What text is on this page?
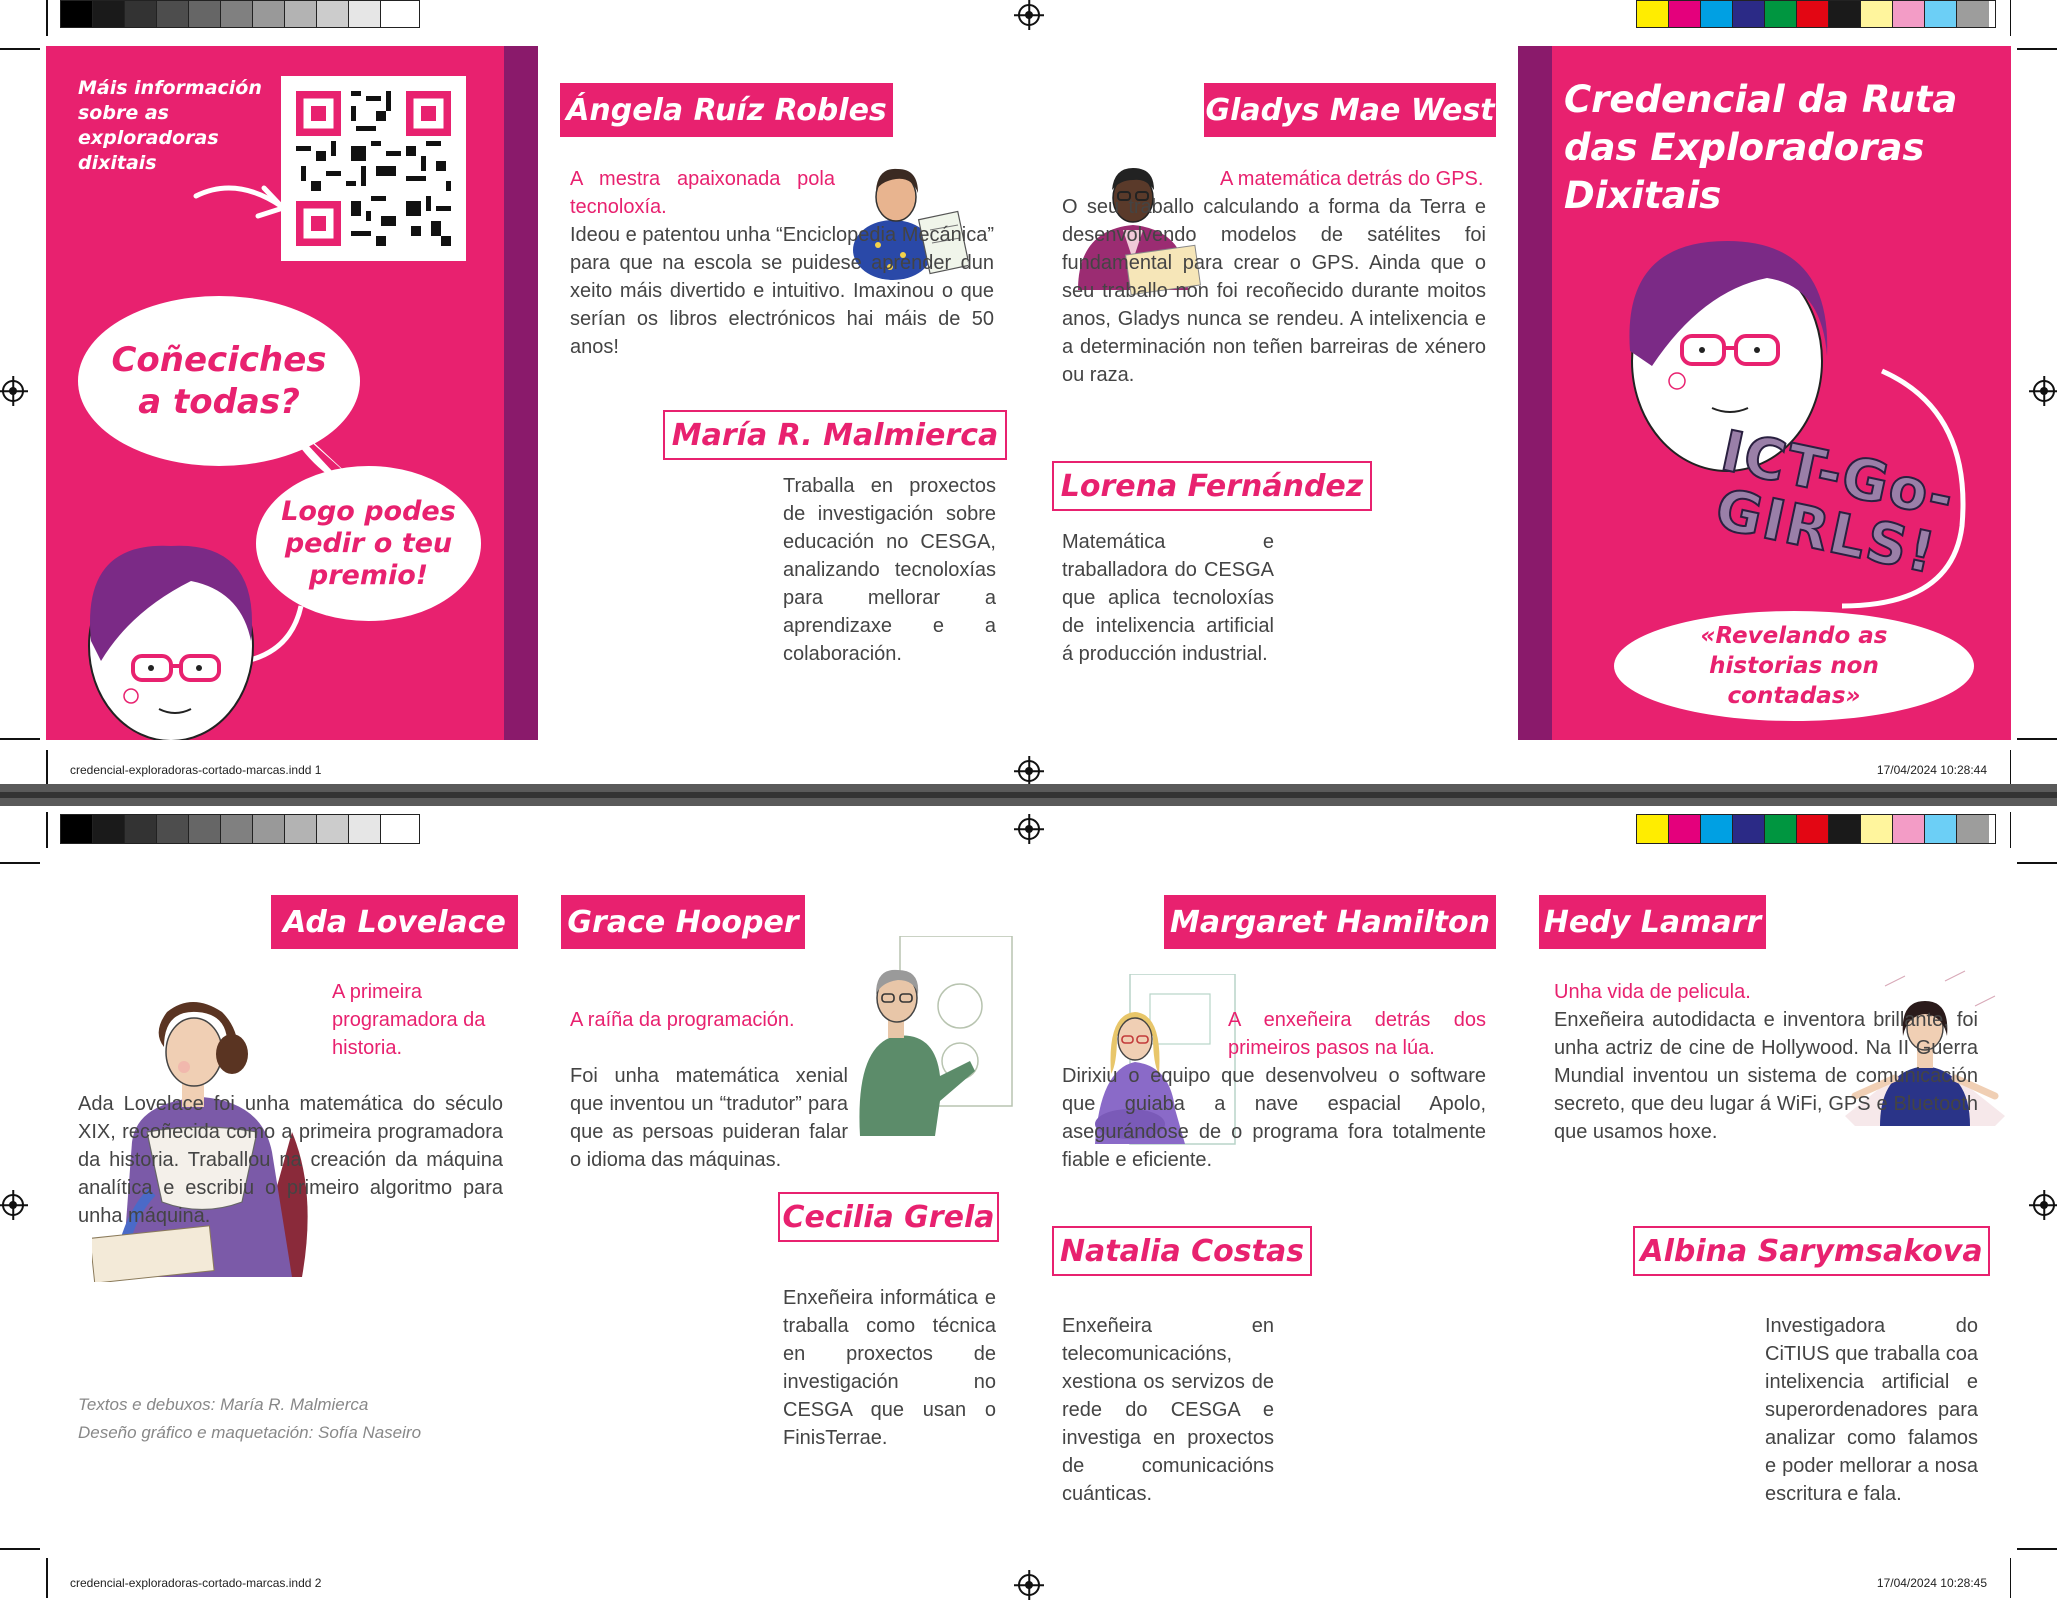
Máis información sobre as exploradoras dixitais
Coñeciches a todas?
Logo podes pedir o teu premio!
Ángela Ruíz Robles
A mestra apaixonada pola tecnoloxía.
Ideou e patentou unha “Enciclopedia Mecánica” para que na escola se puidese aprender dun xeito máis divertido e intuitivo. Imaxinou o que serían os libros electrónicos hai máis de 50 anos!
María R. Malmierca
Traballa en proxectos de investigación sobre educación no CESGA, analizando tecnoloxías para mellorar a aprendizaxe e a colaboración.
Gladys Mae West
A matemática detrás do GPS.
O seu traballo calculando a forma da Terra e desenvolvendo modelos de satélites foi fundamental para crear o GPS. Ainda que o seu traballo non foi recoñecido durante moitos anos, Gladys nunca se rendeu. A intelixencia e a determinación non teñen barreiras de xénero ou raza.
Lorena Fernández
Matemática e traballadora do CESGA que aplica tecnoloxías de intelixencia artificial á producción industrial.
Credencial da Ruta das Exploradoras Dixitais
ICT-Go-GIRLS!
«Revelando as historias non contadas»
credencial-exploradoras-cortado-marcas.indd 1	17/04/2024 10:28:44
Ada Lovelace
A primeira programadora da historia.
Ada Lovelace foi unha matemática do século XIX, recoñecida como a primeira programadora da historia. Traballou na creación da máquina analítica e escribiu o primeiro algoritmo para unha máquina.
Textos e debuxos: María R. Malmierca
Deseño gráfico e maquetación: Sofía Naseiro
Grace Hooper
A raíña da programación.
Foi unha matemática xenial que inventou un “tradutor” para que as persoas puideran falar o idioma das máquinas.
Cecilia Grela
Enxeñeira informática e traballa como técnica en proxectos de investigación no CESGA que usan o FinisTerrae.
Margaret Hamilton
A enxeñeira detrás dos primeiros pasos na lúa.
Dirixiu o equipo que desenvolveu o software que guiaba a nave espacial Apolo, asegurándose de o programa fora totalmente fiable e eficiente.
Natalia Costas
Enxeñeira en telecomunicacións, xestiona os servizos de rede do CESGA e investiga en proxectos de comunicacións cuánticas.
Hedy Lamarr
Unha vida de pelicula.
Enxeñeira autodidacta e inventora brillante, foi unha actriz de cine de Hollywood. Na II Guerra Mundial inventou un sistema de comunicación secreto, que deu lugar á WiFi, GPS e Bluetooth que usamos hoxe.
Albina Sarymsakova
Investigadora do CiTIUS que traballa coa intelixencia artificial e superordenadores para analizar como falamos e poder mellorar a nosa escritura e fala.
credencial-exploradoras-cortado-marcas.indd 2	17/04/2024 10:28:45
